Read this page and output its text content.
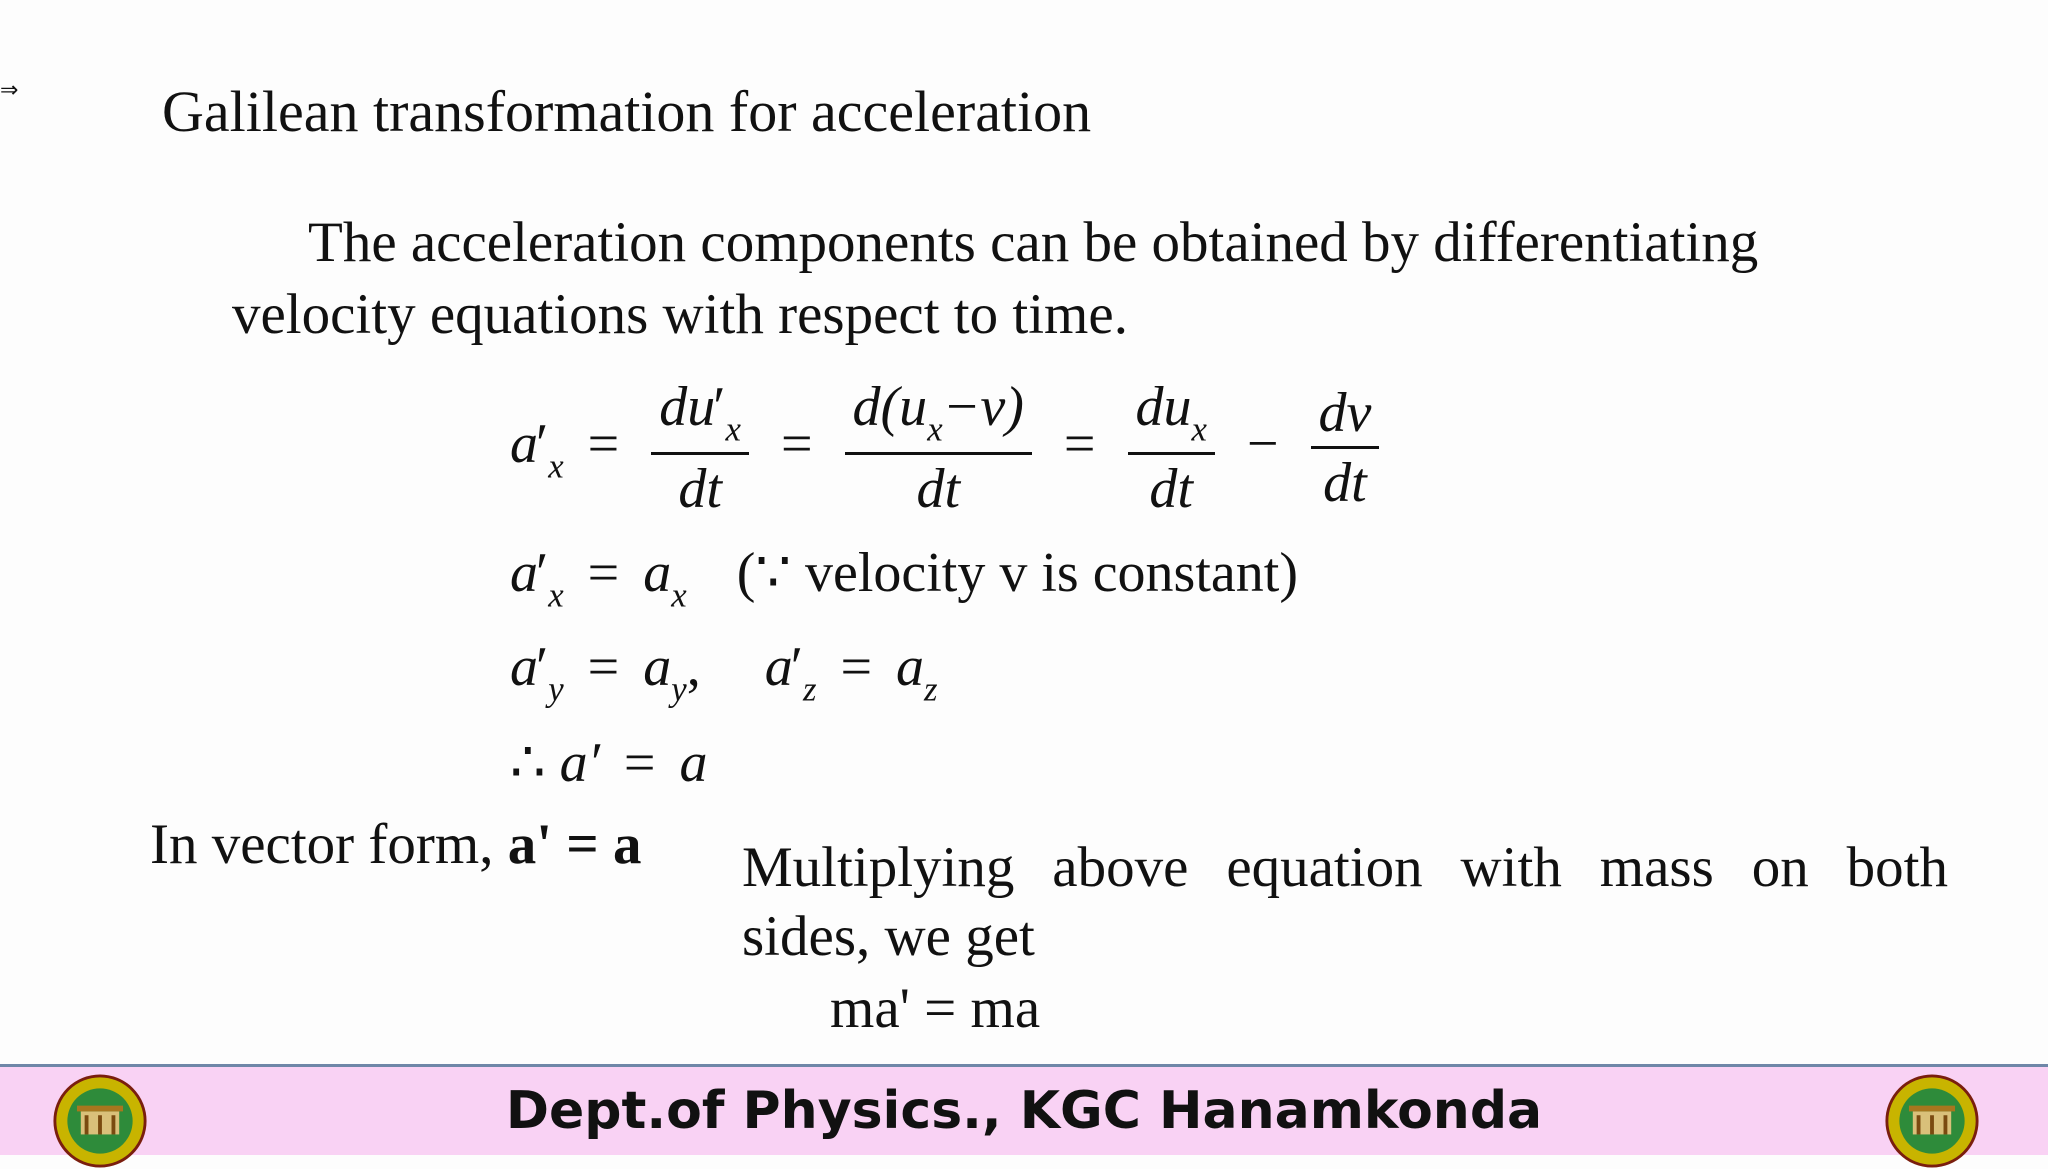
⇒ Galilean transformation for acceleration
The acceleration components can be obtained by differentiating
velocity equations with respect to time.
$a'_x = \frac{du'_x}{dt} = \frac{d(u_x-v)}{dt} = \frac{du_x}{dt} - \frac{dv}{dt}$
$a'_x = a_x$ (∵ velocity v is constant)
$a'_y = a_y$, $a'_z = a_z$
∴ a′ = a
In vector form, a' = a Multiplying above equation with mass on both
sides, we get
ma' = ma
Dept.of Physics., KGC Hanamkonda
